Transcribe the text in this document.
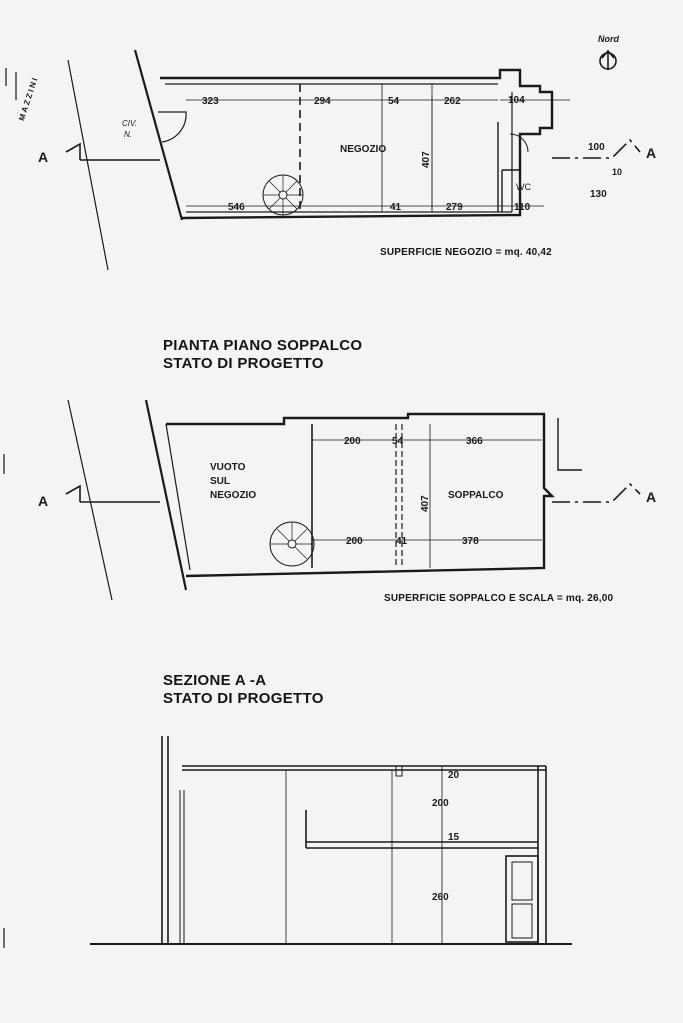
Nord
MAZZINI
CIV.
N.
NEGOZIO
WC
A	A
323	294	54	262	104
546	41	279	110
407
100
10
130
VUOTO
SUL
NEGOZIO	SOPPALCO
A	A
200	54	366
200	41	378
407
20
200
15
260
SUPERFICIE NEGOZIO = mq. 40,42
PIANTA PIANO SOPPALCO
STATO DI PROGETTO
SUPERFICIE SOPPALCO E SCALA = mq. 26,00
SEZIONE A -A
STATO DI PROGETTO
